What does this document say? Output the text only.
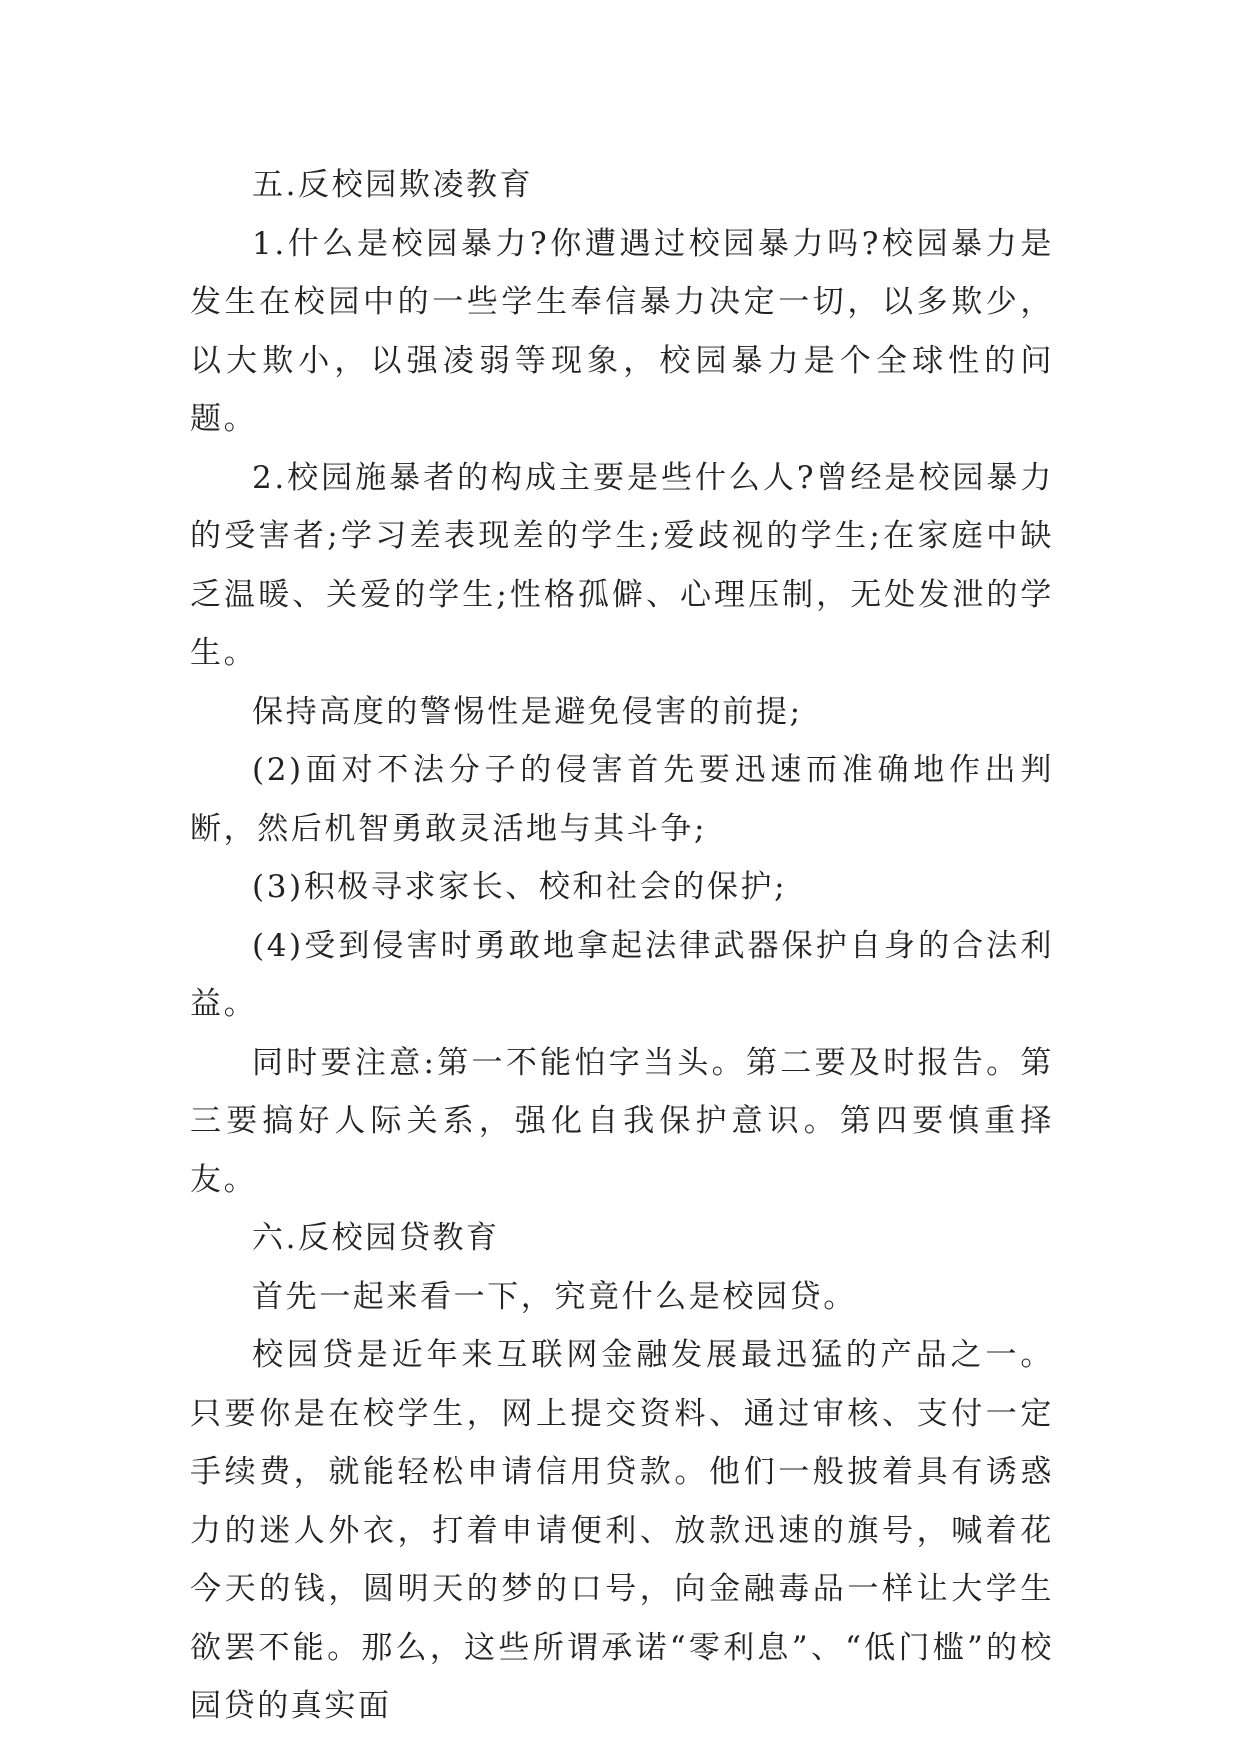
五.反校园欺凌教育

1.什么是校园暴力?你遭遇过校园暴力吗?校园暴力是发生在校园中的一些学生奉信暴力决定一切，以多欺少，以大欺小，以强凌弱等现象，校园暴力是个全球性的问题。

2.校园施暴者的构成主要是些什么人?曾经是校园暴力的受害者;学习差表现差的学生;爱歧视的学生;在家庭中缺乏温暖、关爱的学生;性格孤僻、心理压制，无处发泄的学生。

保持高度的警惕性是避免侵害的前提;

(2)面对不法分子的侵害首先要迅速而准确地作出判断，然后机智勇敢灵活地与其斗争;

(3)积极寻求家长、校和社会的保护;

(4)受到侵害时勇敢地拿起法律武器保护自身的合法利益。

同时要注意:第一不能怕字当头。第二要及时报告。第三要搞好人际关系，强化自我保护意识。第四要慎重择友。

六.反校园贷教育

首先一起来看一下，究竟什么是校园贷。

校园贷是近年来互联网金融发展最迅猛的产品之一。只要你是在校学生，网上提交资料、通过审核、支付一定手续费，就能轻松申请信用贷款。他们一般披着具有诱惑力的迷人外衣，打着申请便利、放款迅速的旗号，喊着花今天的钱，圆明天的梦的口号，向金融毒品一样让大学生欲罢不能。那么，这些所谓承诺“零利息”、“低门槛”的校园贷的真实面
